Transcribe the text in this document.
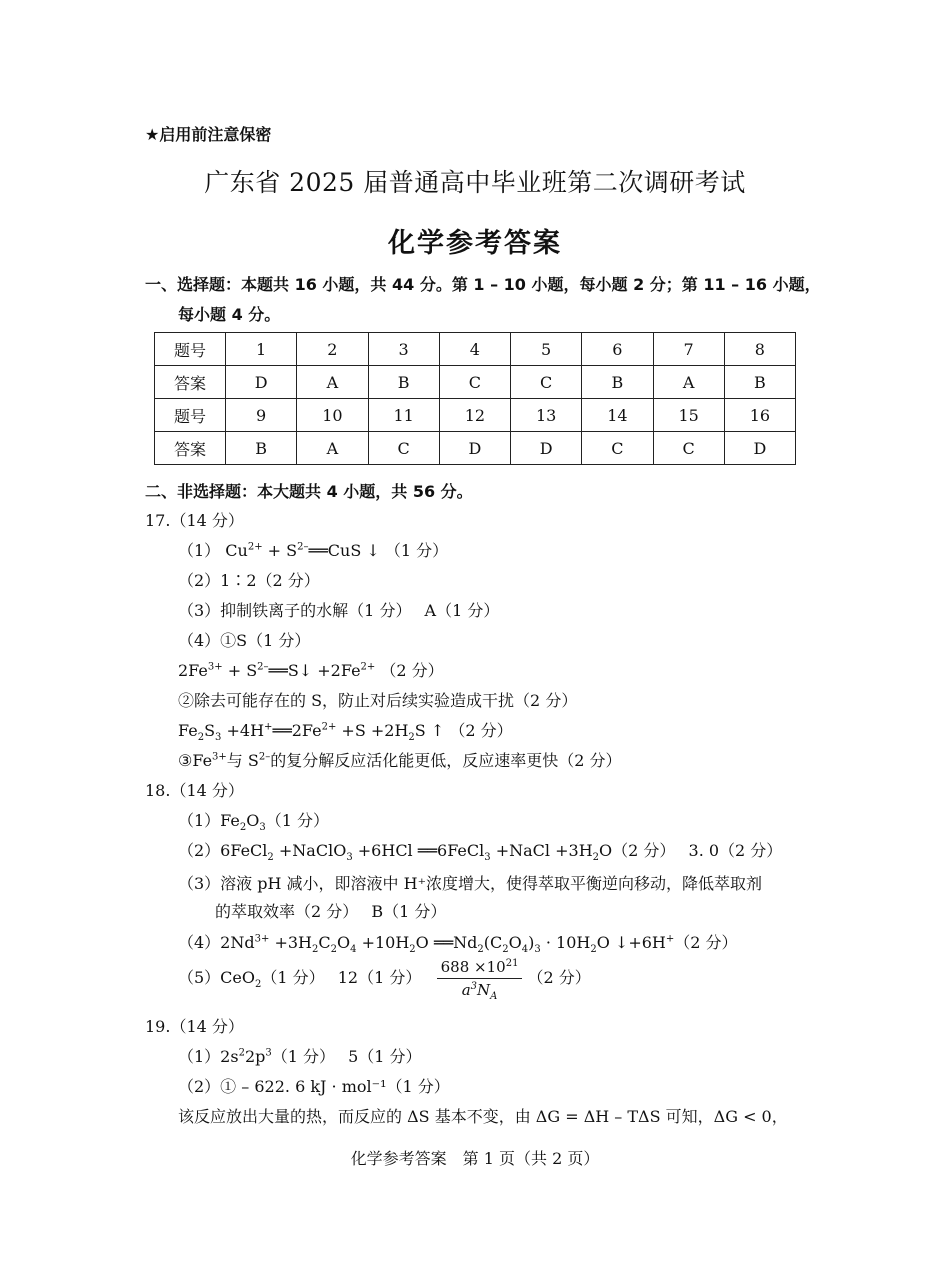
★启用前注意保密
广东省 2025 届普通高中毕业班第二次调研考试
化学参考答案
一、选择题：本题共 16 小题，共 44 分。第 1 – 10 小题，每小题 2 分；第 11 – 16 小题，
每小题 4 分。
题号	1	2	3	4	5	6	7	8
答案	D	A	B	C	C	B	A	B
题号	9	10	11	12	13	14	15	16
答案	B	A	C	D	D	C	C	D
二、非选择题：本大题共 4 小题，共 56 分。
17.（14 分）
（1） $Cu^{2+}$ + $S^{2-}══CuS$ ↓ （1 分）
（2）1∶2（2 分）
（3）抑制铁离子的水解（1 分）　 A（1 分）
（4）①S（1 分）
$2Fe^{3+}$ + $S^{2-}══S↓ +2Fe^{2+}$ （2 分）
②除去可能存在的 S，防止对后续实验造成干扰（2 分）
$Fe_2S_3$ $+4H^+══2Fe^{2+} +S +2H_2S$ ↑ （2 分）
$③Fe^{3+}$与 $S^{2-}$的复分解反应活化能更低，反应速率更快（2 分）
18.（14 分）
$(1)Fe_2O_3(1$ 分）
（2）6FeCl$_2$ +NaClO$_3$ +6HCl ══6FeCl$_3$ +NaCl $+3H_2O(2$ 分）　 3. 0（2 分）
（3）溶液 pH 减小，即溶液中 H⁺浓度增大，使得萃取平衡逆向移动，降低萃取剂
的萃取效率（2 分）　 B（1 分）
$(4)2Nd^{3+} +3H_2C_2O_4 +10H_2O$ $══Nd_2(C_2O_4)_3 \cdot 10H_2O$ ↓+6H+（2 分）
（5）CeO$_2$（1 分）　 12（1 分） $\frac{688 \times 10^{21}}{a^3N_A} (2$ 分）
19.（14 分）
$(1)2s^22p^3(1$ 分）　 5（1 分）
（2）① – 622. 6 kJ · mol⁻¹（1 分）
该反应放出大量的热，而反应的 ΔS 基本不变，由 ΔG = ΔH – TΔS 可知，ΔG < 0，
化学参考答案　第 1 页（共 2 页）
